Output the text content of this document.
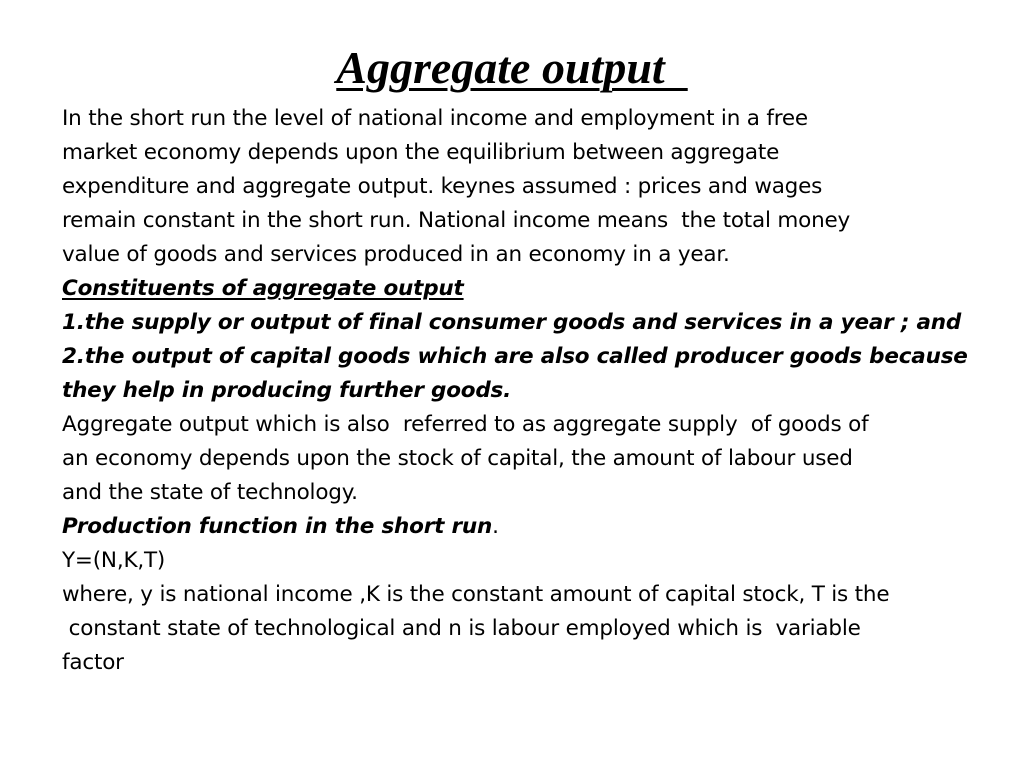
Aggregate output
In the short run the level of national income and employment in a free
market economy depends upon the equilibrium between aggregate
expenditure and aggregate output. keynes assumed : prices and wages
remain constant in the short run. National income means  the total money
value of goods and services produced in an economy in a year.
Constituents of aggregate output
1.the supply or output of final consumer goods and services in a year ; and
2.the output of capital goods which are also called producer goods because
they help in producing further goods.
Aggregate output which is also  referred to as aggregate supply  of goods of
an economy depends upon the stock of capital, the amount of labour used
and the state of technology.
Production function in the short run.
Y=(N,K,T)
where, y is national income ,K is the constant amount of capital stock, T is the
constant state of technological and n is labour employed which is  variable
factor
